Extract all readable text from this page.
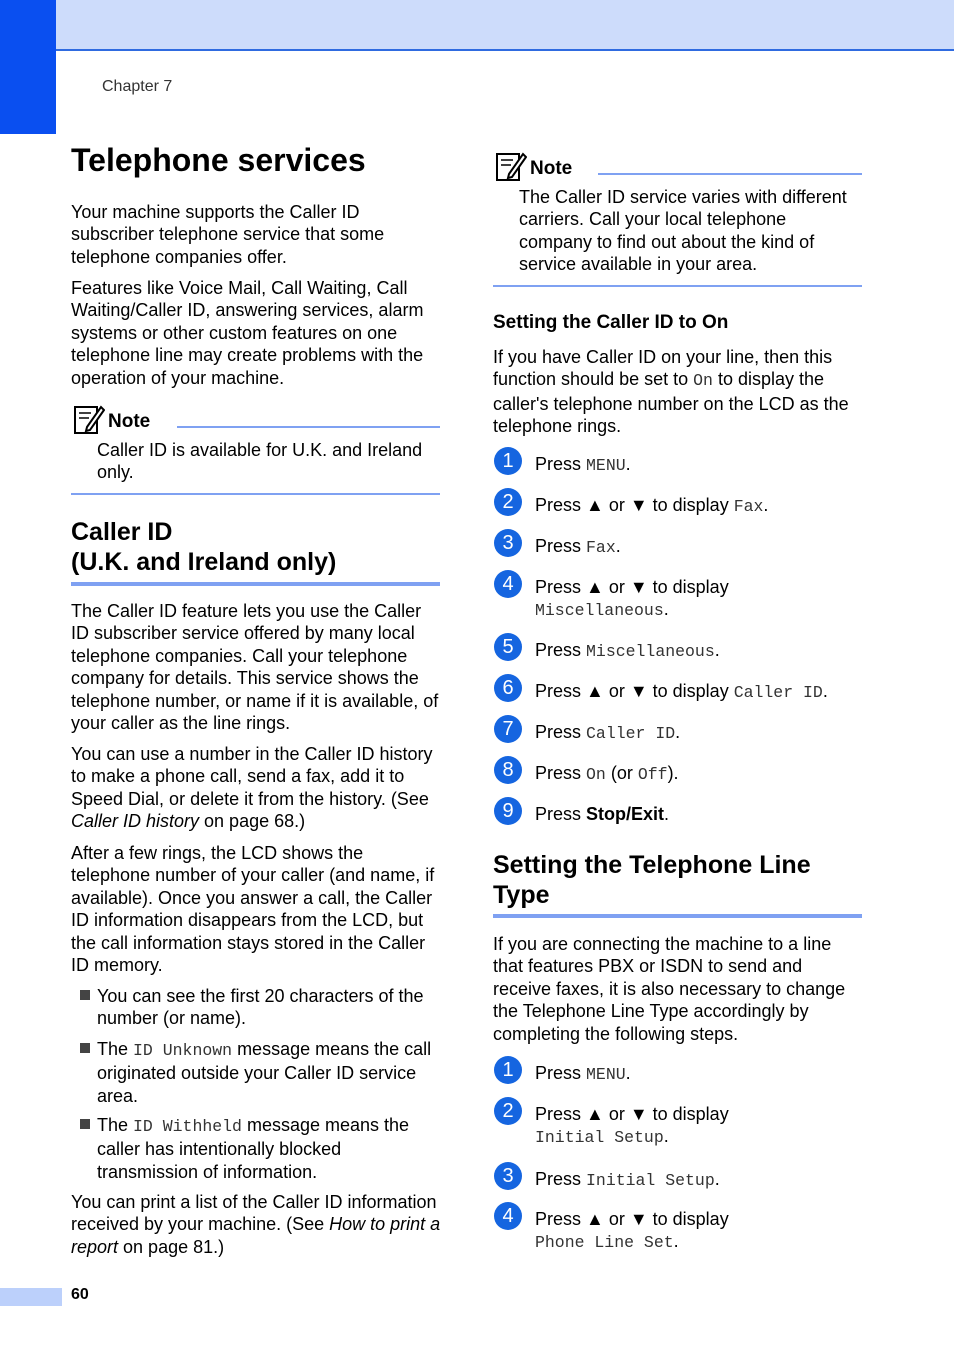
Chapter 7
Telephone services

Your machine supports the Caller ID subscriber telephone service that some telephone companies offer.

Features like Voice Mail, Call Waiting, Call Waiting/Caller ID, answering services, alarm systems or other custom features on one telephone line may create problems with the operation of your machine.

Note

Caller ID is available for U.K. and Ireland only.

Caller ID
(U.K. and Ireland only)

The Caller ID feature lets you use the Caller ID subscriber service offered by many local telephone companies. Call your telephone company for details. This service shows the telephone number, or name if it is available, of your caller as the line rings.

You can use a number in the Caller ID history to make a phone call, send a fax, add it to Speed Dial, or delete it from the history. (See Caller ID history on page 68.)

After a few rings, the LCD shows the telephone number of your caller (and name, if available). Once you answer a call, the Caller ID information disappears from the LCD, but the call information stays stored in the Caller ID memory.

You can see the first 20 characters of the number (or name).

The ID Unknown message means the call originated outside your Caller ID service area.

The ID Withheld message means the caller has intentionally blocked transmission of information.

You can print a list of the Caller ID information received by your machine. (See How to print a report on page 81.)

Note

The Caller ID service varies with different carriers. Call your local telephone company to find out about the kind of service available in your area.

Setting the Caller ID to On

If you have Caller ID on your line, then this function should be set to On to display the caller's telephone number on the LCD as the telephone rings.

1	Press MENU.
2	Press ▲ or ▼ to display Fax.
3	Press Fax.
4	Press ▲ or ▼ to display
Miscellaneous.
5	Press Miscellaneous.
6	Press ▲ or ▼ to display Caller ID.
7	Press Caller ID.
8	Press On (or Off).
9	Press Stop/Exit.
Setting the Telephone Line
Type

If you are connecting the machine to a line that features PBX or ISDN to send and receive faxes, it is also necessary to change the Telephone Line Type accordingly by completing the following steps.

1	Press MENU.
2	Press ▲ or ▼ to display
Initial Setup.
3	Press Initial Setup.
4	Press ▲ or ▼ to display
Phone Line Set.
60
